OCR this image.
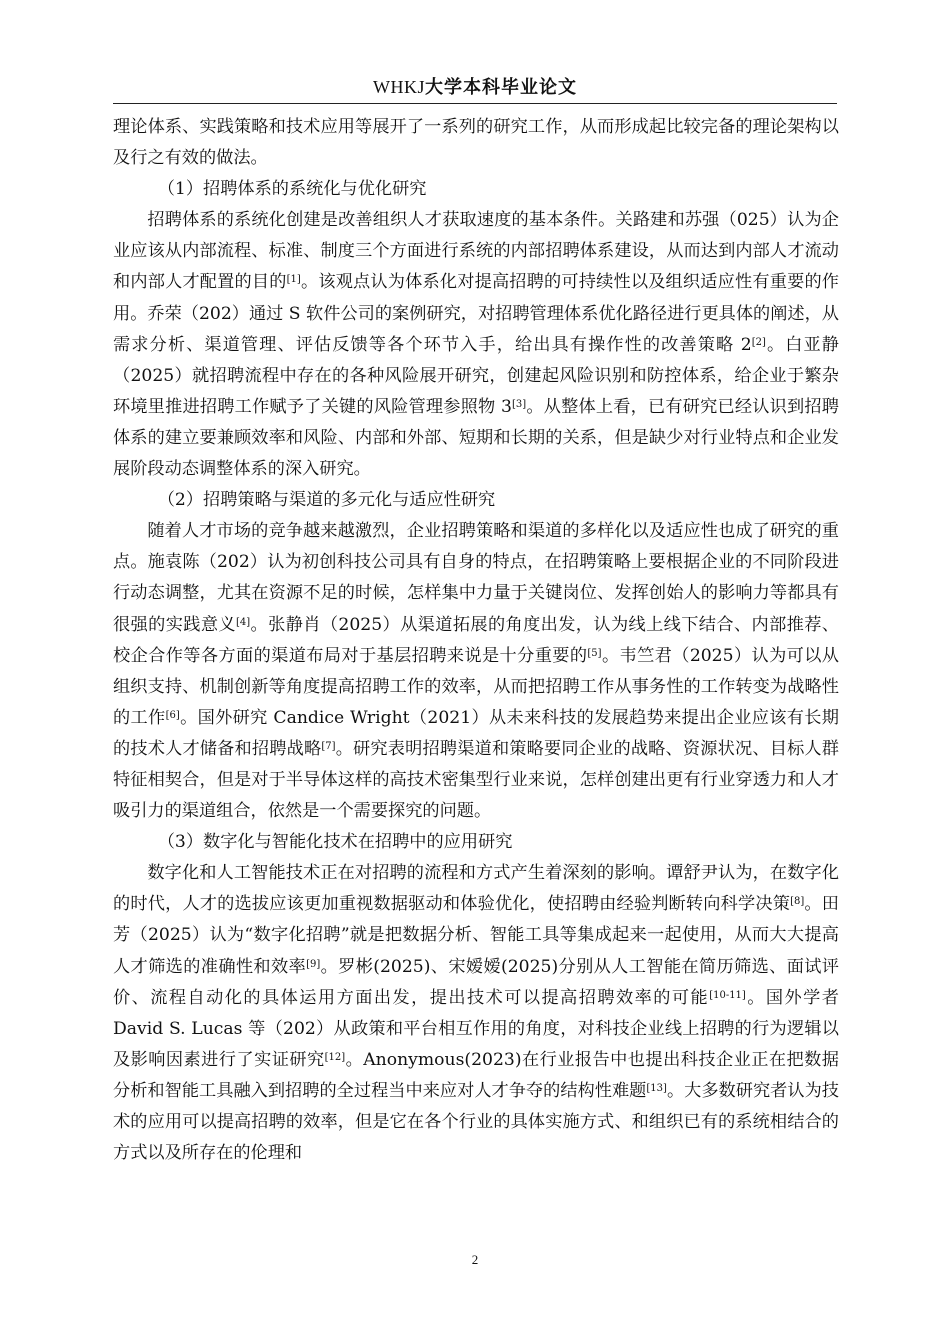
WHKJ大学本科毕业论文

理论体系、实践策略和技术应用等展开了一系列的研究工作，从而形成起比较完备的理论架构以及行之有效的做法。

（1）招聘体系的系统化与优化研究

招聘体系的系统化创建是改善组织人才获取速度的基本条件。关路建和苏强（025）认为企业应该从内部流程、标准、制度三个方面进行系统的内部招聘体系建设，从而达到内部人才流动和内部人才配置的目的[1]。该观点认为体系化对提高招聘的可持续性以及组织适应性有重要的作用。乔荣（202）通过 S 软件公司的案例研究，对招聘管理体系优化路径进行更具体的阐述，从需求分析、渠道管理、评估反馈等各个环节入手，给出具有操作性的改善策略 2[2]。白亚静（2025）就招聘流程中存在的各种风险展开研究，创建起风险识别和防控体系，给企业于繁杂环境里推进招聘工作赋予了关键的风险管理参照物 3[3]。从整体上看，已有研究已经认识到招聘体系的建立要兼顾效率和风险、内部和外部、短期和长期的关系，但是缺少对行业特点和企业发展阶段动态调整体系的深入研究。

（2）招聘策略与渠道的多元化与适应性研究

随着人才市场的竞争越来越激烈，企业招聘策略和渠道的多样化以及适应性也成了研究的重点。施袁陈（202）认为初创科技公司具有自身的特点，在招聘策略上要根据企业的不同阶段进行动态调整，尤其在资源不足的时候，怎样集中力量于关键岗位、发挥创始人的影响力等都具有很强的实践意义[4]。张静肖（2025）从渠道拓展的角度出发，认为线上线下结合、内部推荐、校企合作等各方面的渠道布局对于基层招聘来说是十分重要的[5]。韦竺君（2025）认为可以从组织支持、机制创新等角度提高招聘工作的效率，从而把招聘工作从事务性的工作转变为战略性的工作[6]。国外研究 Candice Wright（2021）从未来科技的发展趋势来提出企业应该有长期的技术人才储备和招聘战略[7]。研究表明招聘渠道和策略要同企业的战略、资源状况、目标人群特征相契合，但是对于半导体这样的高技术密集型行业来说，怎样创建出更有行业穿透力和人才吸引力的渠道组合，依然是一个需要探究的问题。

（3）数字化与智能化技术在招聘中的应用研究

数字化和人工智能技术正在对招聘的流程和方式产生着深刻的影响。谭舒尹认为，在数字化的时代，人才的选拔应该更加重视数据驱动和体验优化，使招聘由经验判断转向科学决策[8]。田芳（2025）认为“数字化招聘”就是把数据分析、智能工具等集成起来一起使用，从而大大提高人才筛选的准确性和效率[9]。罗彬(2025)、宋嫒嫒(2025)分别从人工智能在简历筛选、面试评价、流程自动化的具体运用方面出发，提出技术可以提高招聘效率的可能[10-11]。国外学者 David S. Lucas 等（202）从政策和平台相互作用的角度，对科技企业线上招聘的行为逻辑以及影响因素进行了实证研究[12]。Anonymous(2023)在行业报告中也提出科技企业正在把数据分析和智能工具融入到招聘的全过程当中来应对人才争夺的结构性难题[13]。大多数研究者认为技术的应用可以提高招聘的效率，但是它在各个行业的具体实施方式、和组织已有的系统相结合的方式以及所存在的伦理和

2
